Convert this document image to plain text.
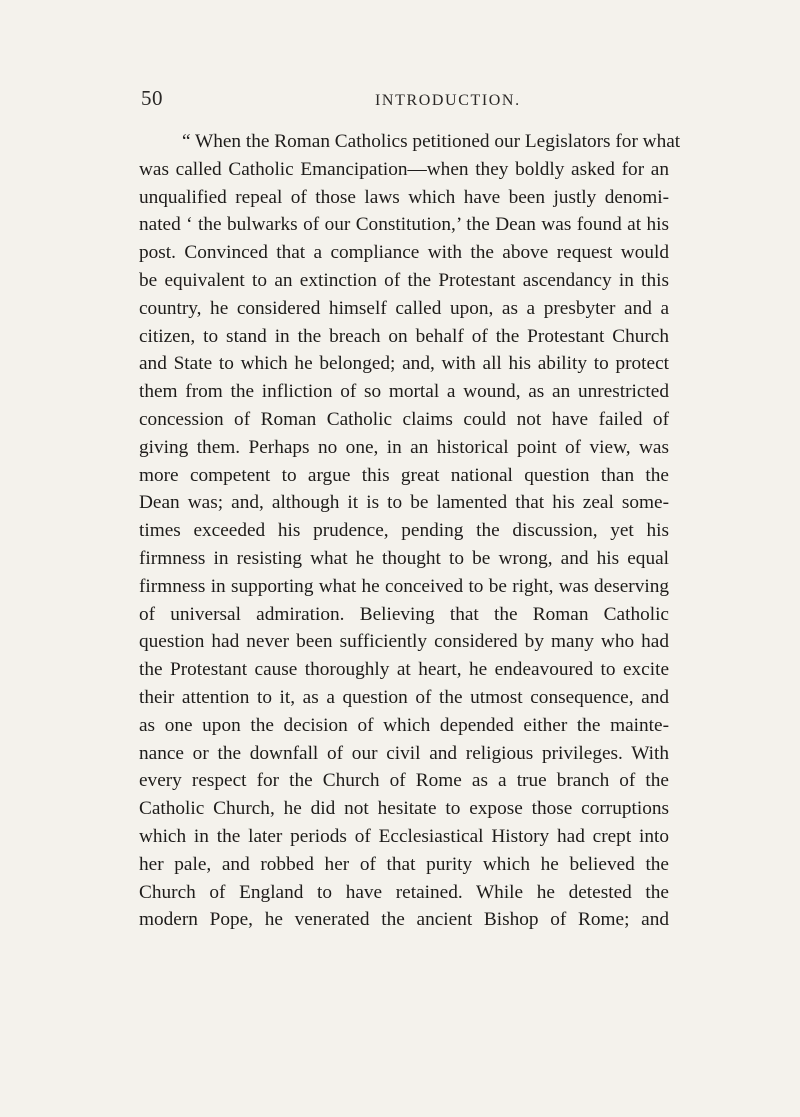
50	INTRODUCTION.
“ When the Roman Catholics petitioned our Legislators for what
was called Catholic Emancipation—when they boldly asked for an
unqualified repeal of those laws which have been justly denomi-
nated ‘ the bulwarks of our Constitution,’ the Dean was found at his
post. Convinced that a compliance with the above request would
be equivalent to an extinction of the Protestant ascendancy in this
country, he considered himself called upon, as a presbyter and a
citizen, to stand in the breach on behalf of the Protestant Church
and State to which he belonged; and, with all his ability to protect
them from the infliction of so mortal a wound, as an unrestricted
concession of Roman Catholic claims could not have failed of
giving them. Perhaps no one, in an historical point of view, was
more competent to argue this great national question than the
Dean was; and, although it is to be lamented that his zeal some-
times exceeded his prudence, pending the discussion, yet his
firmness in resisting what he thought to be wrong, and his equal
firmness in supporting what he conceived to be right, was deserving
of universal admiration. Believing that the Roman Catholic
question had never been sufficiently considered by many who had
the Protestant cause thoroughly at heart, he endeavoured to excite
their attention to it, as a question of the utmost consequence, and
as one upon the decision of which depended either the mainte-
nance or the downfall of our civil and religious privileges. With
every respect for the Church of Rome as a true branch of the
Catholic Church, he did not hesitate to expose those corruptions
which in the later periods of Ecclesiastical History had crept into
her pale, and robbed her of that purity which he believed the
Church of England to have retained. While he detested the
modern Pope, he venerated the ancient Bishop of Rome; and
